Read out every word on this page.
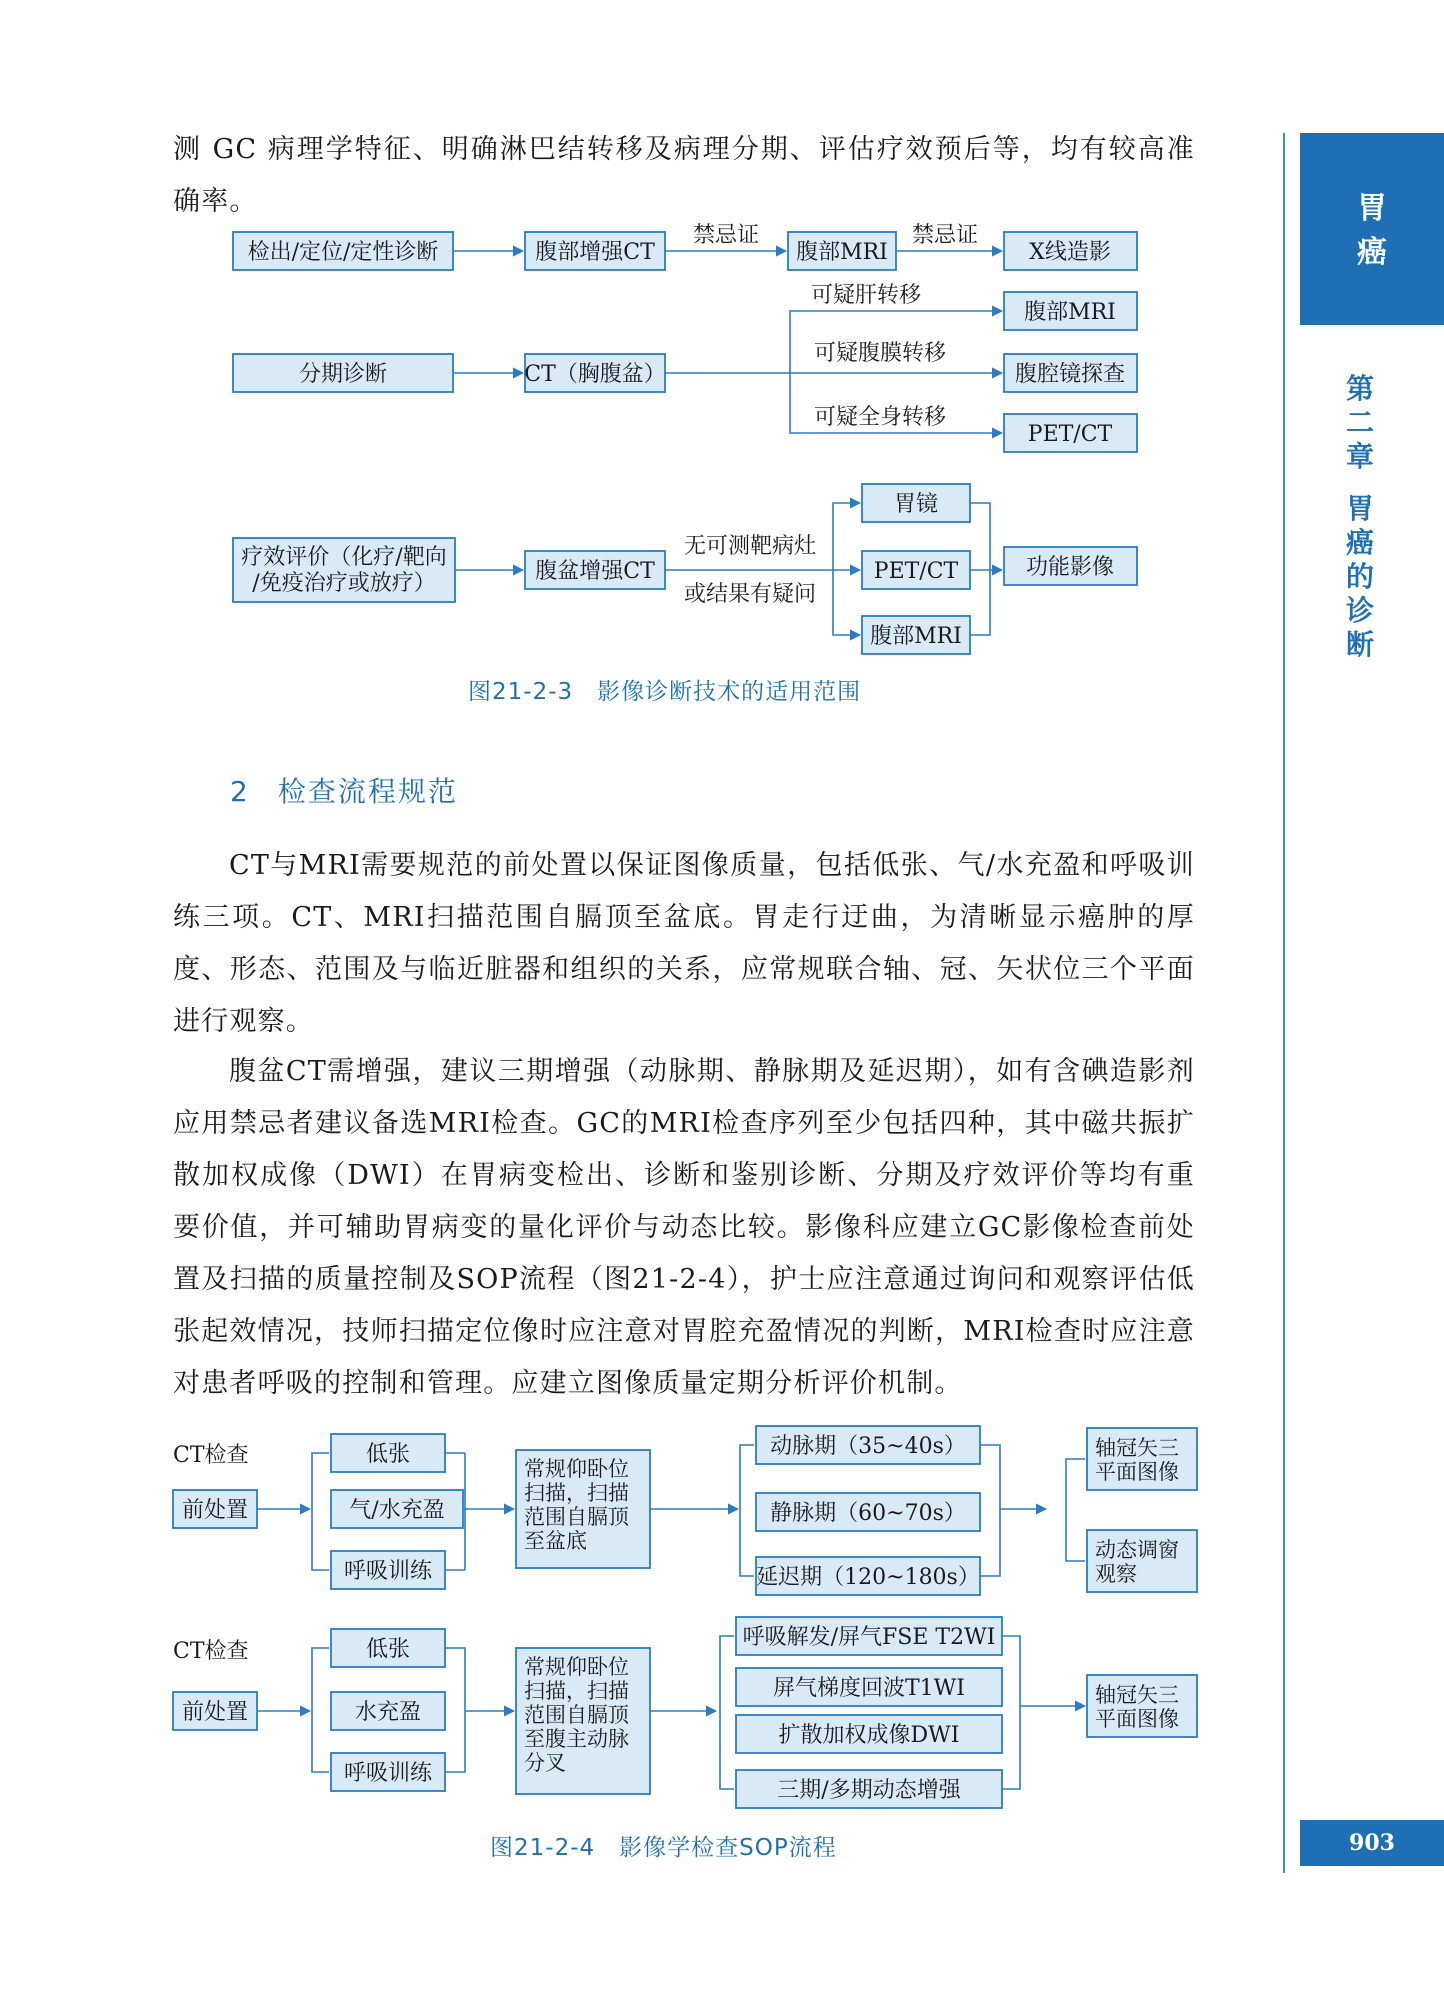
测 GC 病理学特征、明确淋巴结转移及病理分期、评估疗效预后等，均有较高准确率。

检出/定位/定性诊断	腹部增强CT	腹部MRI	X线造影
腹部MRI
分期诊断	CT（胸腹盆）	腹腔镜探查
PET/CT
疗效评价（化疗/靶向
/免疫治疗或放疗）	腹盆增强CT
胃镜
PET/CT
腹部MRI
功能影像
禁忌证	禁忌证
可疑肝转移
可疑腹膜转移
可疑全身转移
无可测靶病灶
或结果有疑问
图21-2-3　影像诊断技术的适用范围
2 检查流程规范

CT与MRI需要规范的前处置以保证图像质量，包括低张、气/水充盈和呼吸训练三项。CT、MRI扫描范围自膈顶至盆底。胃走行迂曲，为清晰显示癌肿的厚度、形态、范围及与临近脏器和组织的关系，应常规联合轴、冠、矢状位三个平面进行观察。

腹盆CT需增强，建议三期增强（动脉期、静脉期及延迟期），如有含碘造影剂应用禁忌者建议备选MRI检查。GC的MRI检查序列至少包括四种，其中磁共振扩散加权成像（DWI）在胃病变检出、诊断和鉴别诊断、分期及疗效评价等均有重要价值，并可辅助胃病变的量化评价与动态比较。影像科应建立GC影像检查前处置及扫描的质量控制及SOP流程（图21-2-4），护士应注意通过询问和观察评估低张起效情况，技师扫描定位像时应注意对胃腔充盈情况的判断，MRI检查时应注意对患者呼吸的控制和管理。应建立图像质量定期分析评价机制。

CT检查
CT检查
前处置
低张
气/水充盈
呼吸训练
动脉期（35~40s）
静脉期（60~70s）
延迟期（120~180s）
前处置
低张
水充盈
呼吸训练
呼吸解发/屏气FSE T2WI
屏气梯度回波T1WI
扩散加权成像DWI
三期/多期动态增强
常规仰卧位
扫描，扫描
范围自膈顶
至盆底
轴冠矢三
平面图像
动态调窗
观察
常规仰卧位
扫描，扫描
范围自膈顶
至腹主动脉
分叉
轴冠矢三
平面图像
图21-2-4　影像学检查SOP流程
胃
癌
第二章
胃癌的诊断
903
